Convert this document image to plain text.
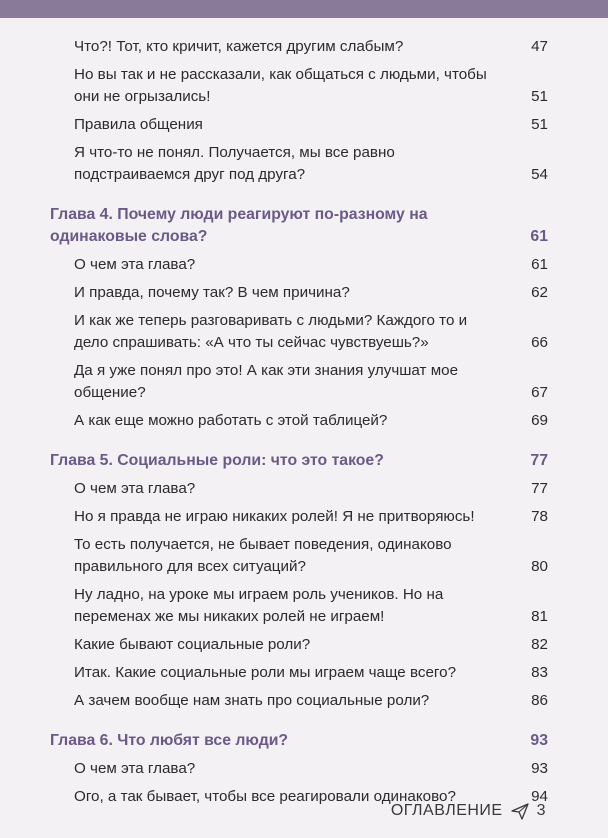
Что?! Тот, кто кричит, кажется другим слабым?	47
Но вы так и не рассказали, как общаться с людьми, чтобы они не огрызались!	51
Правила общения	51
Я что-то не понял. Получается, мы все равно подстраиваемся друг под друга?	54
Глава 4. Почему люди реагируют по-разному на одинаковые слова?	61
О чем эта глава?	61
И правда, почему так? В чем причина?	62
И как же теперь разговаривать с людьми? Каждого то и дело спрашивать: «А что ты сейчас чувствуешь?»	66
Да я уже понял про это! А как эти знания улучшат мое общение?	67
А как еще можно работать с этой таблицей?	69
Глава 5. Социальные роли: что это такое?	77
О чем эта глава?	77
Но я правда не играю никаких ролей! Я не притворяюсь!	78
То есть получается, не бывает поведения, одинаково правильного для всех ситуаций?	80
Ну ладно, на уроке мы играем роль учеников. Но на переменах же мы никаких ролей не играем!	81
Какие бывают социальные роли?	82
Итак. Какие социальные роли мы играем чаще всего?	83
А зачем вообще нам знать про социальные роли?	86
Глава 6. Что любят все люди?	93
О чем эта глава?	93
Ого, а так бывает, чтобы все реагировали одинаково?	94
ОГЛАВЛЕНИЕ 3
